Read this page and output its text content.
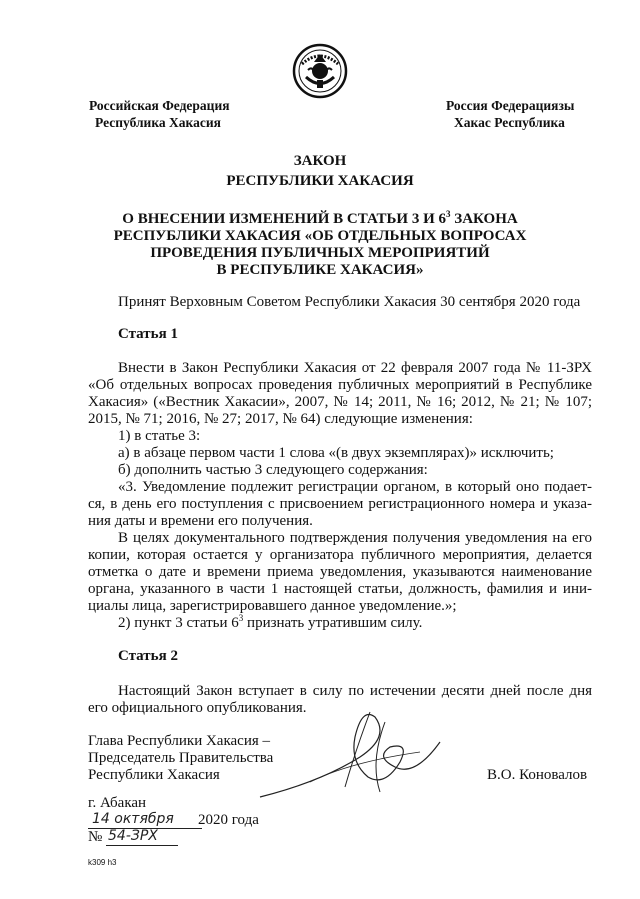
Российская Федерация
Республика Хакасия
Россия Федерациязы
Хакас Республика
ЗАКОН
РЕСПУБЛИКИ ХАКАСИЯ
О ВНЕСЕНИИ ИЗМЕНЕНИЙ В СТАТЬИ 3 И $6^3$ ЗАКОНА
РЕСПУБЛИКИ ХАКАСИЯ «ОБ ОТДЕЛЬНЫХ ВОПРОСАХ
ПРОВЕДЕНИЯ ПУБЛИЧНЫХ МЕРОПРИЯТИЙ
В РЕСПУБЛИКЕ ХАКАСИЯ»
Принят Верховным Советом Республики Хакасия 30 сентября 2020 года
Статья 1
Внести в Закон Республики Хакасия от 22 февраля 2007 года № 11-ЗРХ
«Об отдельных вопросах проведения публичных мероприятий в Республике
Хакасия» («Вестник Хакасии», 2007, № 14; 2011, № 16; 2012, № 21; № 107;
2015, № 71; 2016, № 27; 2017, № 64) следующие изменения:
1) в статье 3:
а) в абзаце первом части 1 слова «(в двух экземплярах)» исключить;
б) дополнить частью 3 следующего содержания:
«3. Уведомление подлежит регистрации органом, в который оно подает-
ся, в день его поступления с присвоением регистрационного номера и указа-
ния даты и времени его получения.
В целях документального подтверждения получения уведомления на его
копии, которая остается у организатора публичного мероприятия, делается
отметка о дате и времени приема уведомления, указываются наименование
органа, указанного в части 1 настоящей статьи, должность, фамилия и ини-
циалы лица, зарегистрировавшего данное уведомление.»;
2) пункт 3 статьи $6^3$ признать утратившим силу.
Статья 2
Настоящий Закон вступает в силу по истечении десяти дней после дня
его официального опубликования.
Глава Республики Хакасия –
Председатель Правительства
Республики Хакасия	В.О. Коновалов
г. Абакан
14 октября 2020 года
№ 54-ЗРХ
k309 h3
